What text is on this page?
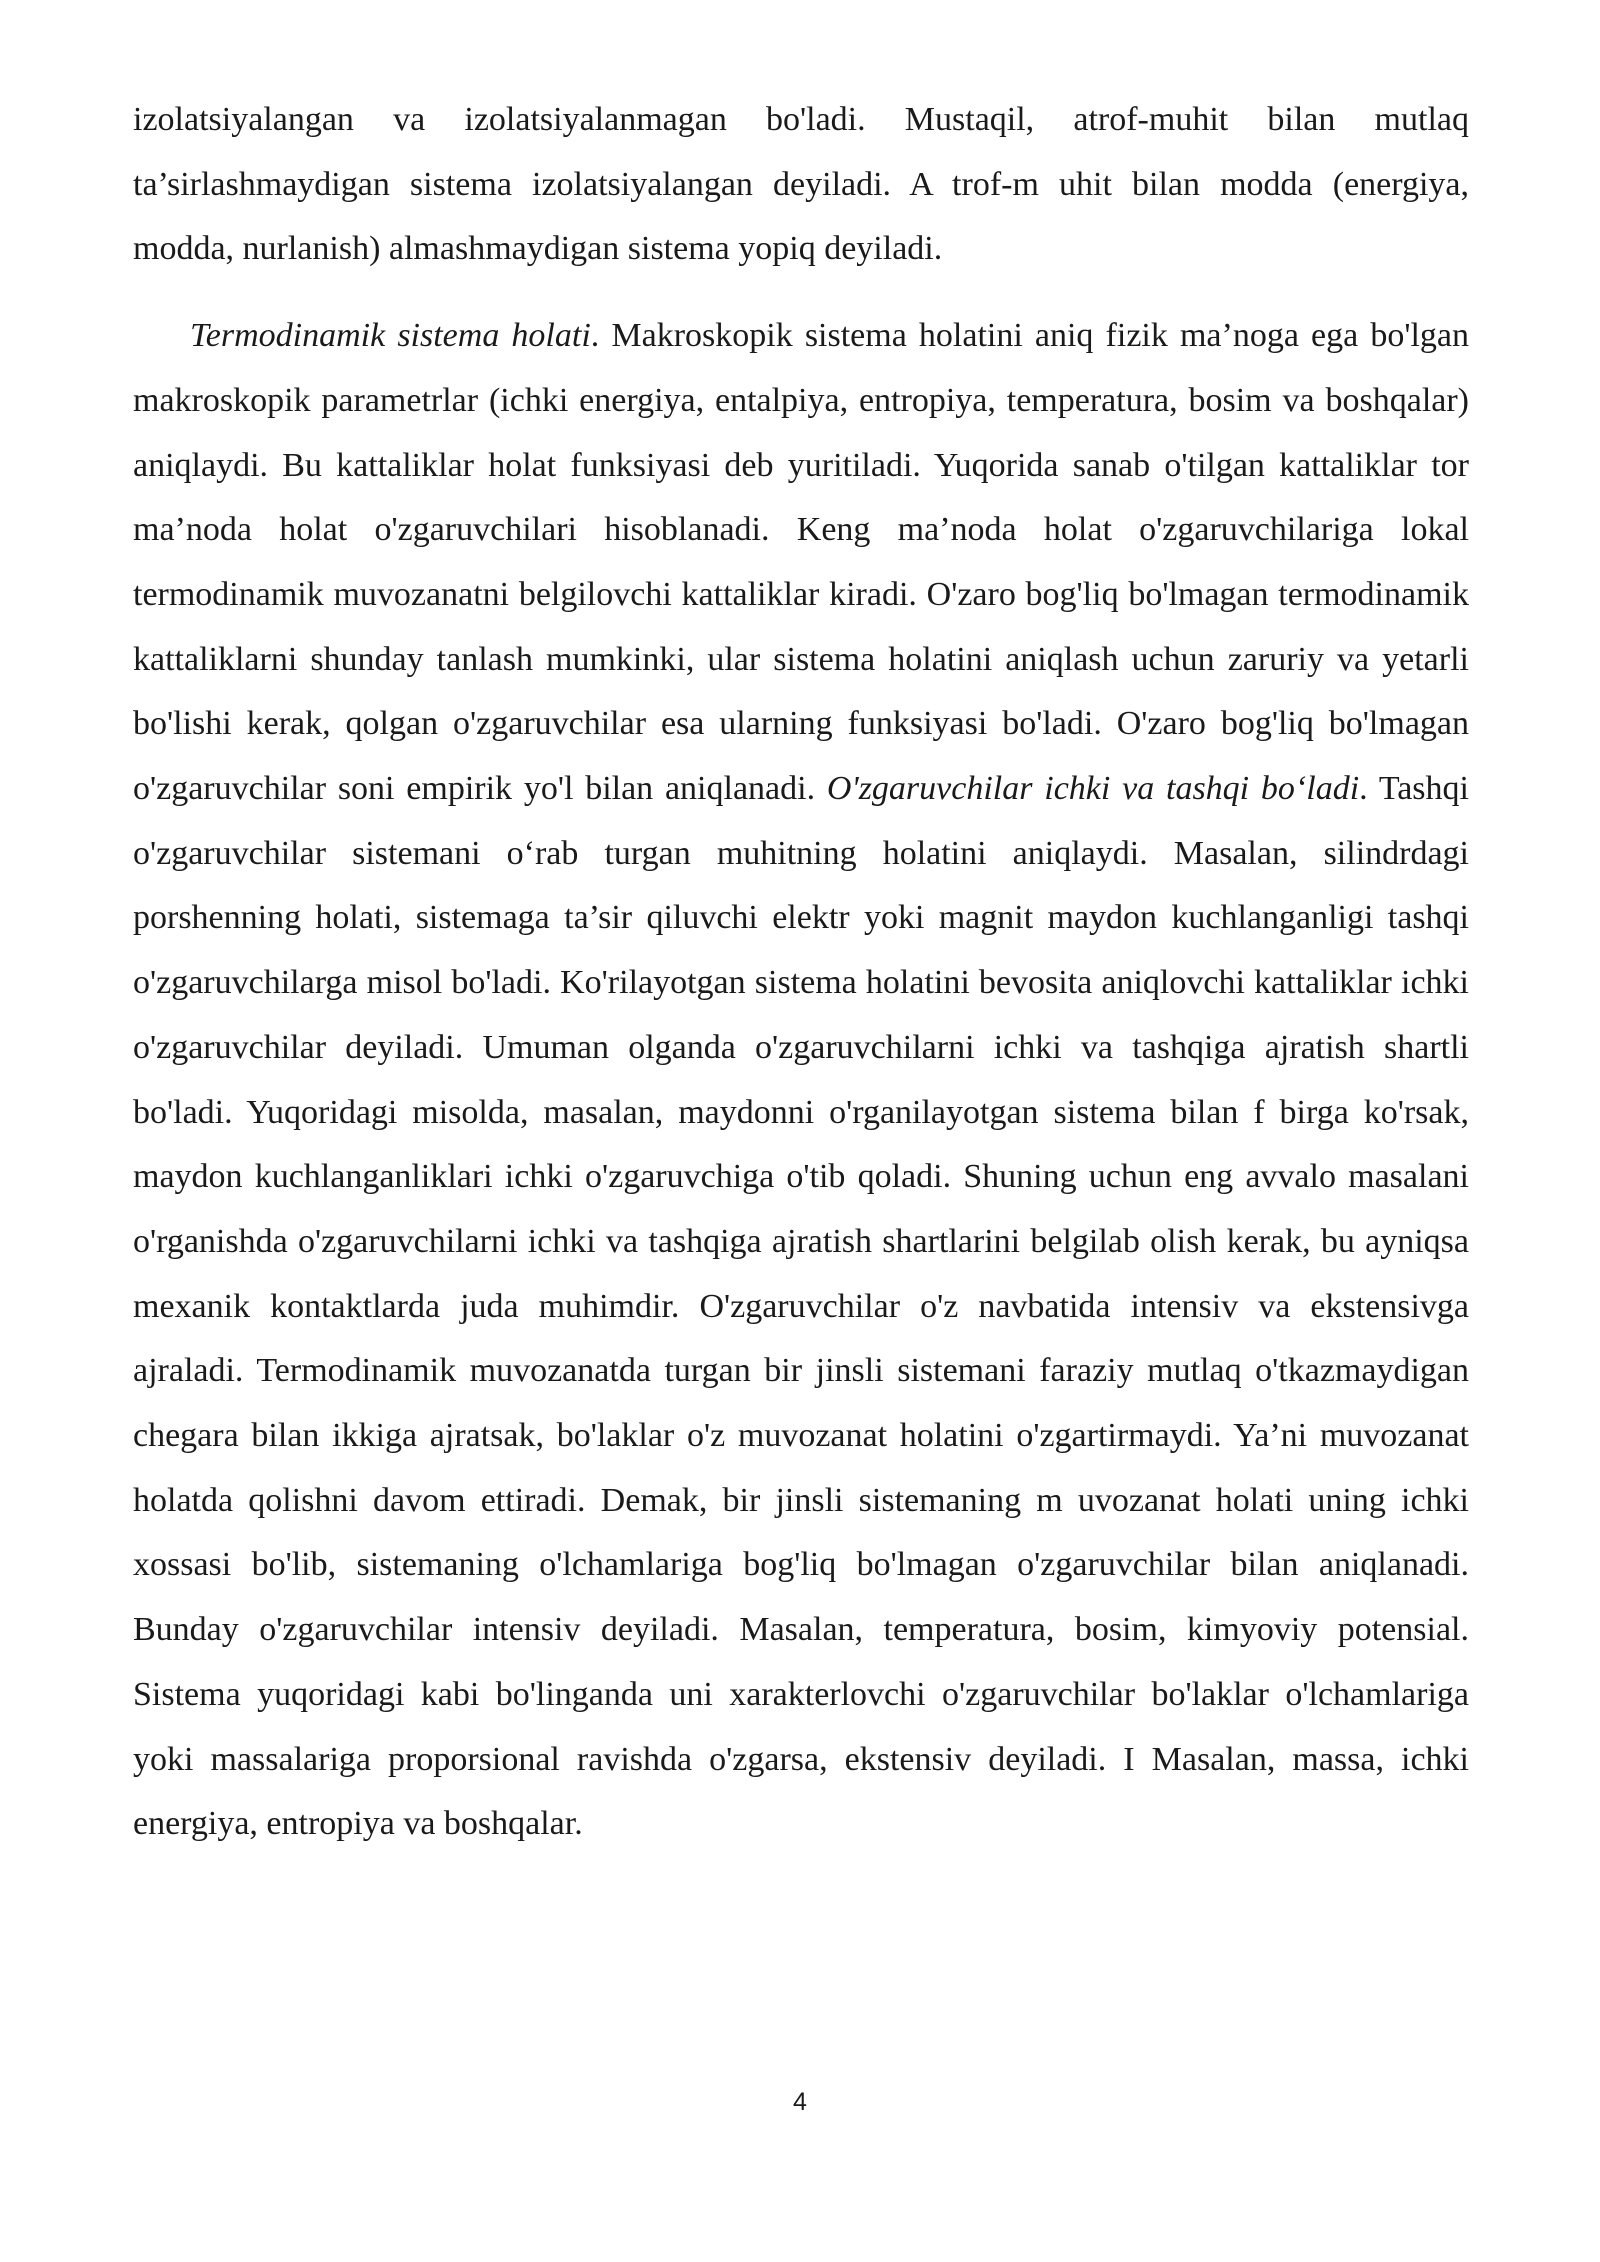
izolatsiyalangan va izolatsiyalanmagan bo'ladi. Mustaqil, atrof-muhit bilan mutlaq ta’sirlashmaydigan sistema izolatsiyalangan deyiladi. A trof-m uhit bilan modda (energiya, modda, nurlanish) almashmaydigan sistema yopiq deyiladi.

Termodinamik sistema holati. Makroskopik sistema holatini aniq fizik ma’noga ega bo'lgan makroskopik parametrlar (ichki energiya, entalpiya, entropiya, temperatura, bosim va boshqalar) aniqlaydi. Bu kattaliklar holat funksiyasi deb yuritiladi. Yuqorida sanab o'tilgan kattaliklar tor ma’noda holat o'zgaruvchilari hisoblanadi. Keng ma’noda holat o'zgaruvchilariga lokal termodinamik muvozanatni belgilovchi kattaliklar kiradi. O'zaro bog'liq bo'lmagan termodinamik kattaliklarni shunday tanlash mumkinki, ular sistema holatini aniqlash uchun zaruriy va yetarli bo'lishi kerak, qolgan o'zgaruvchilar esa ularning funksiyasi bo'ladi. O'zaro bog'liq bo'lmagan o'zgaruvchilar soni empirik yo'l bilan aniqlanadi. O'zgaruvchilar ichki va tashqi bo‘ladi. Tashqi o'zgaruvchilar sistemani o‘rab turgan muhitning holatini aniqlaydi. Masalan, silindrdagi porshenning holati, sistemaga ta’sir qiluvchi elektr yoki magnit maydon kuchlanganligi tashqi o'zgaruvchilarga misol bo'ladi. Ko'rilayotgan sistema holatini bevosita aniqlovchi kattaliklar ichki o'zgaruvchilar deyiladi. Umuman olganda o'zgaruvchilarni ichki va tashqiga ajratish shartli bo'ladi. Yuqoridagi misolda, masalan, maydonni o'rganilayotgan sistema bilan f birga ko'rsak, maydon kuchlanganliklari ichki o'zgaruvchiga o'tib qoladi. Shuning uchun eng avvalo masalani o'rganishda o'zgaruvchilarni ichki va tashqiga ajratish shartlarini belgilab olish kerak, bu ayniqsa mexanik kontaktlarda juda muhimdir. O'zgaruvchilar o'z navbatida intensiv va ekstensivga ajraladi. Termodinamik muvozanatda turgan bir jinsli sistemani faraziy mutlaq o'tkazmaydigan chegara bilan ikkiga ajratsak, bo'laklar o'z muvozanat holatini o'zgartirmaydi. Ya’ni muvozanat holatda qolishni davom ettiradi. Demak, bir jinsli sistemaning m uvozanat holati uning ichki xossasi bo'lib, sistemaning o'lchamlariga bog'liq bo'lmagan o'zgaruvchilar bilan aniqlanadi. Bunday o'zgaruvchilar intensiv deyiladi. Masalan, temperatura, bosim, kimyoviy potensial. Sistema yuqoridagi kabi bo'linganda uni xarakterlovchi o'zgaruvchilar bo'laklar o'lchamlariga yoki massalariga proporsional ravishda o'zgarsa, ekstensiv deyiladi. I Masalan, massa, ichki energiya, entropiya va boshqalar.

4
